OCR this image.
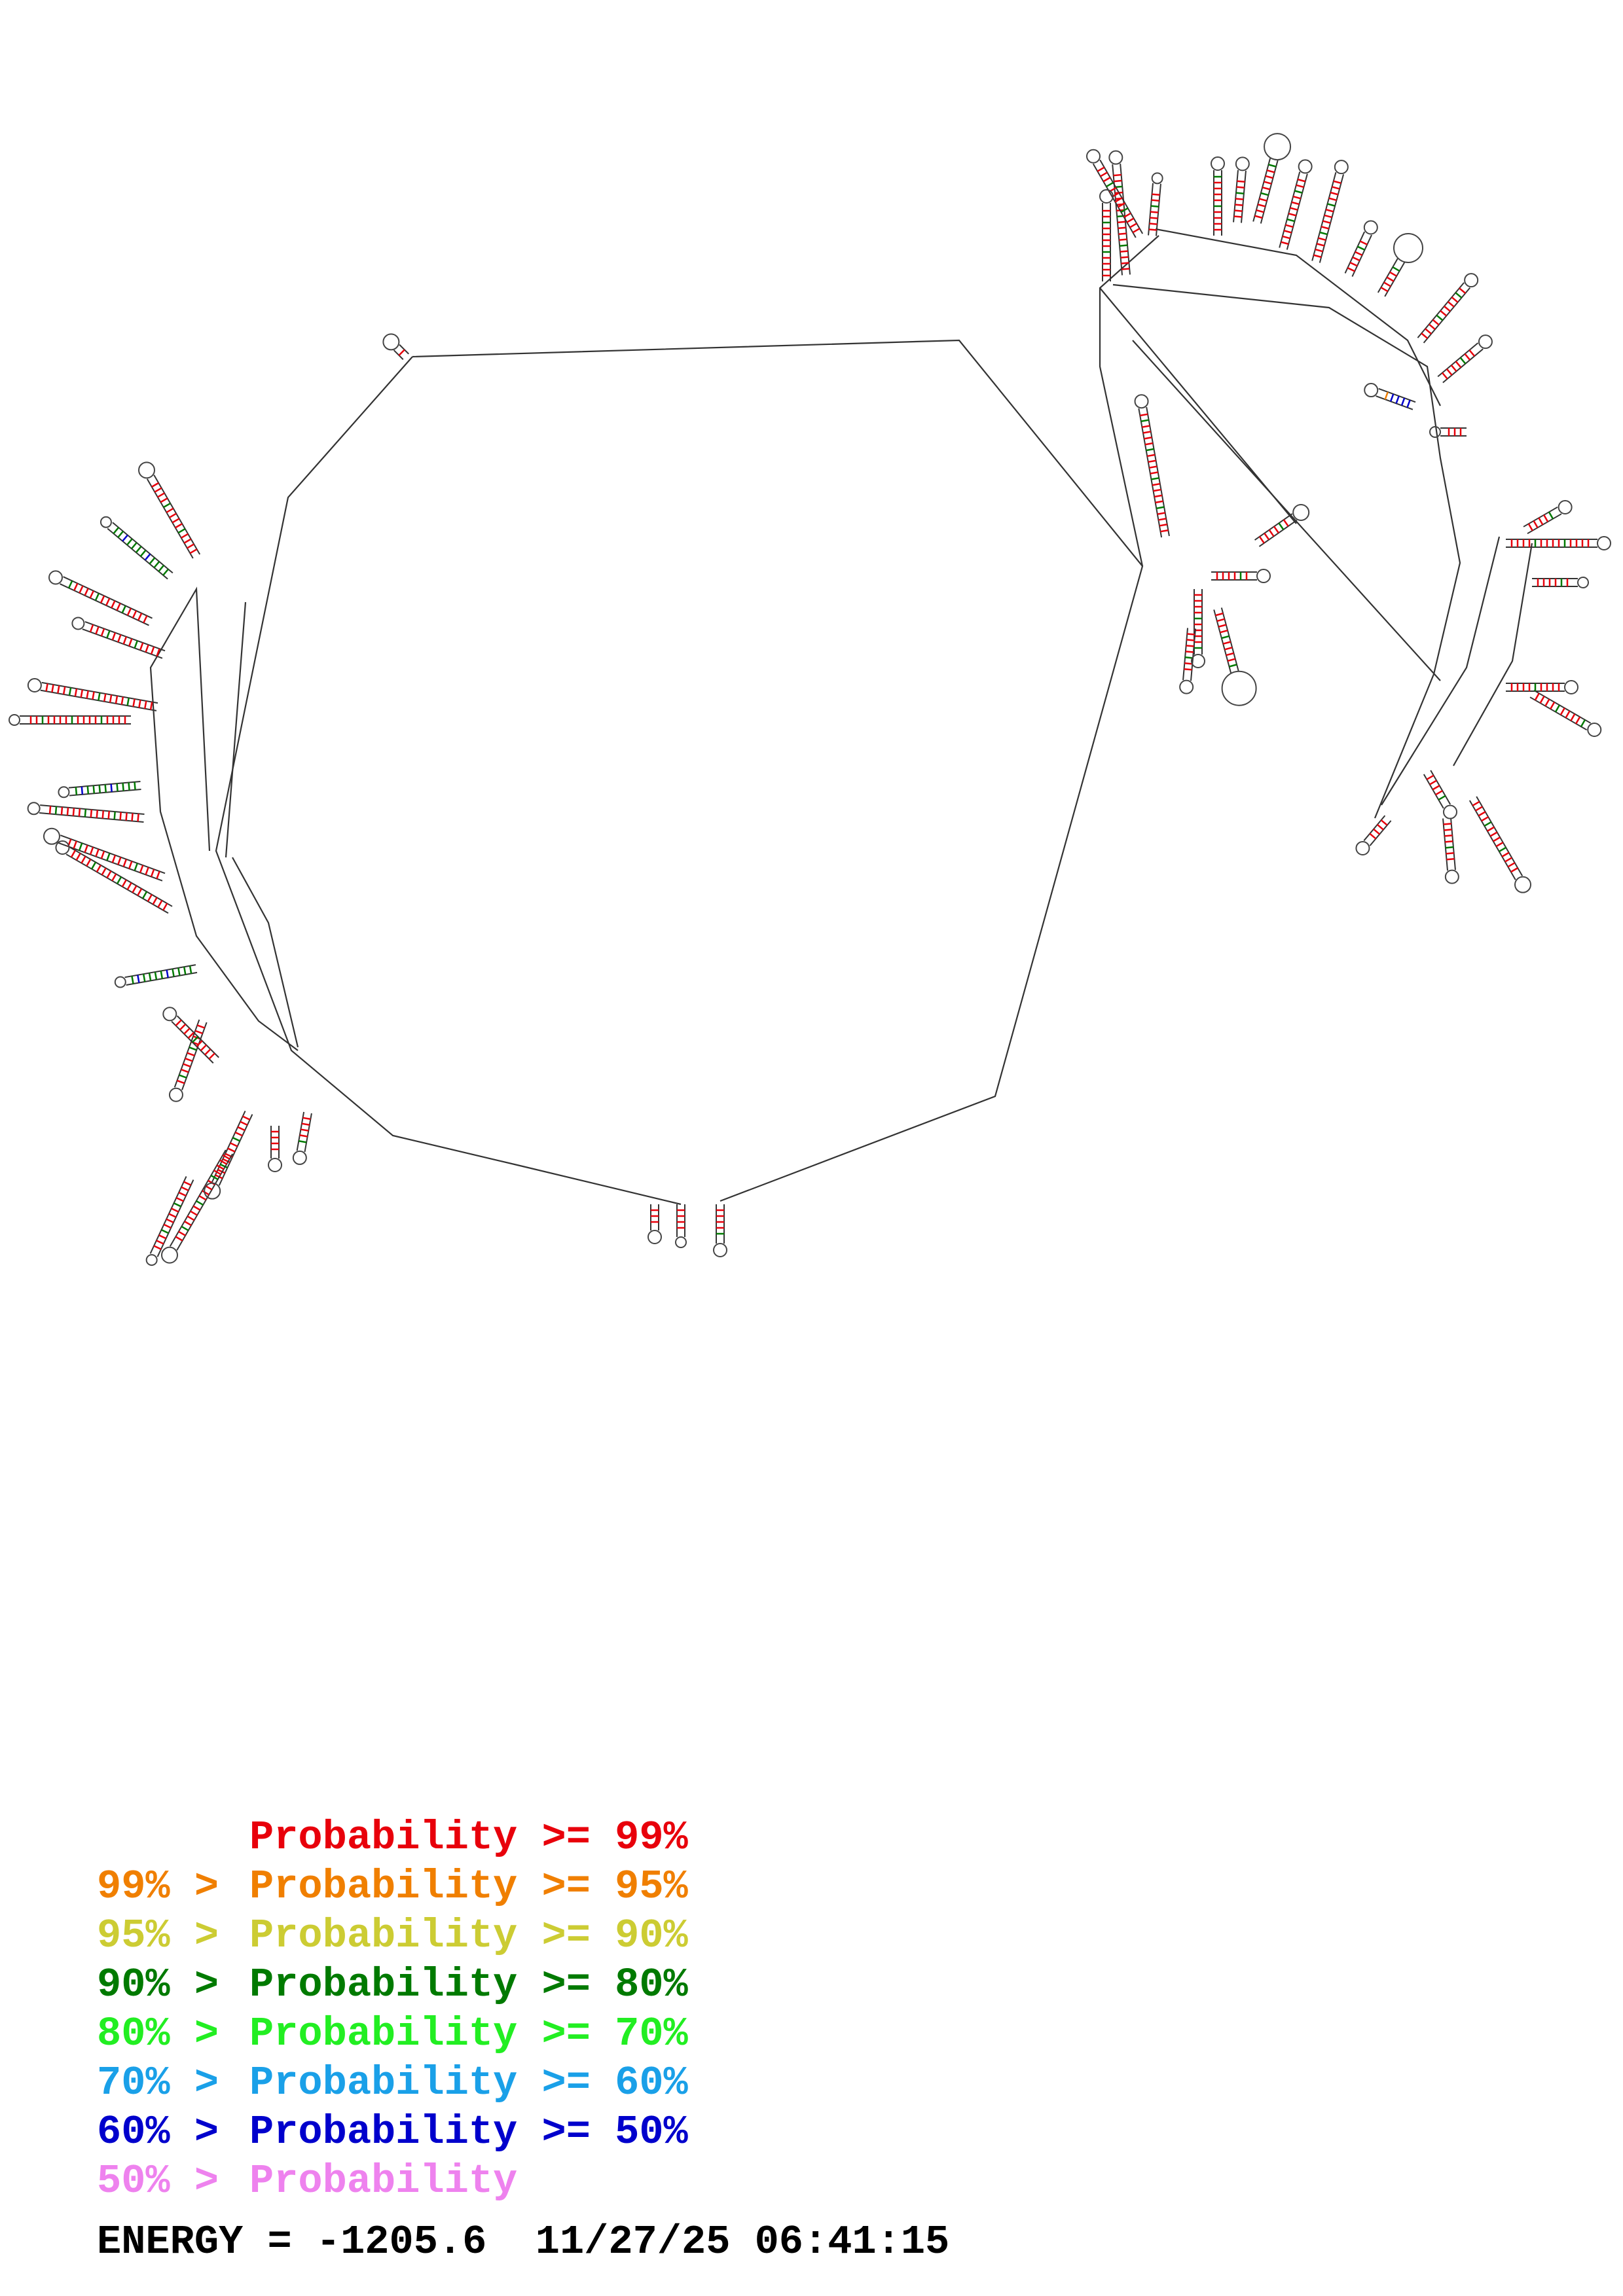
Probability >= 99%
99% > Probability >= 95%
95% > Probability >= 90%
90% > Probability >= 80%
80% > Probability >= 70%
70% > Probability >= 60%
60% > Probability >= 50%
50% > Probability
ENERGY = -1205.6 11/27/25 06:41:15
